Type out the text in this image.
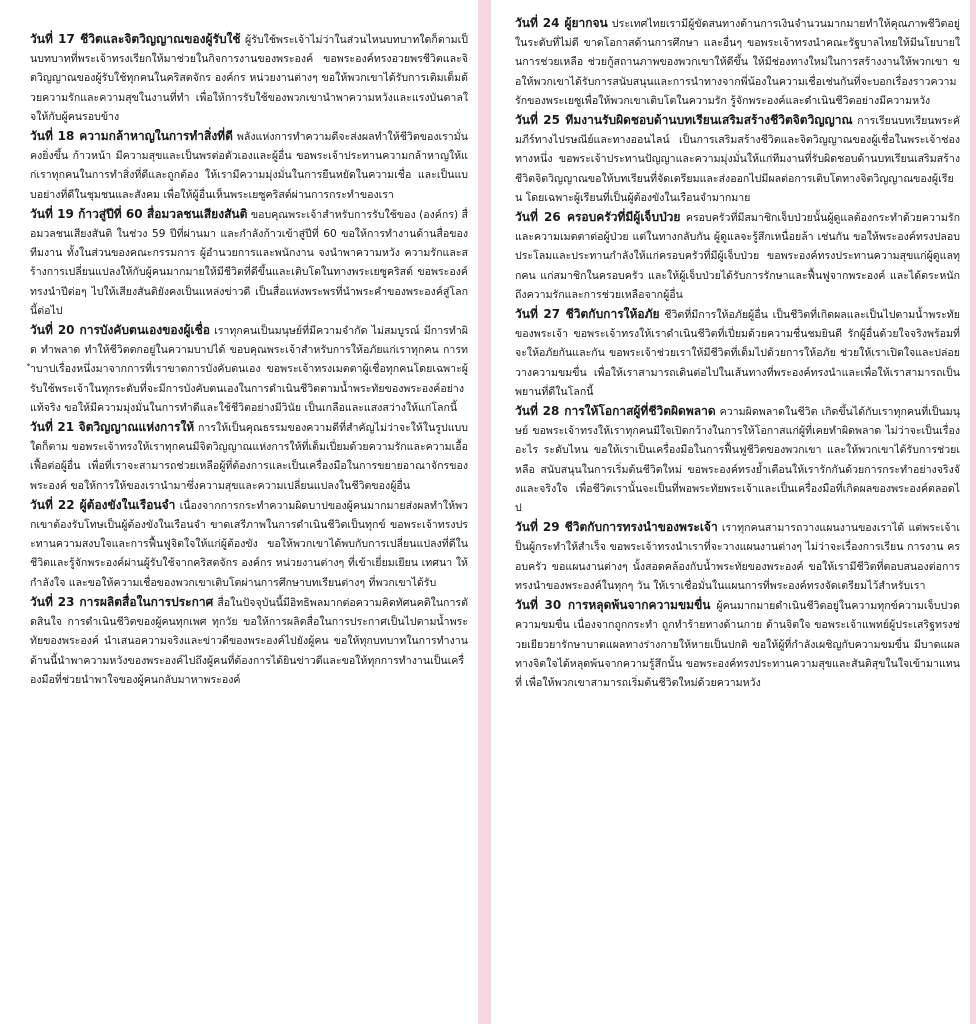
วันที่ 17 ชีวิตและจิตวิญญาณของผู้รับใช้ ผู้รับใช้พระเจ้าไม่ว่าในส่วนไหนบทบาทใดก็ตามเป็นบทบาทที่พระเจ้าทรงเรียกให้มาช่วยในกิจการงานของพระองค์ ขอพระองค์ทรงอวยพรชีวิตและจิตวิญญาณของผู้รับใช้ทุกคนในคริสตจักร องค์กร หน่วยงานต่างๆ ขอให้พวกเขาได้รับการเติมเต็มด้วยความรักและความสุขในงานที่ทำ เพื่อให้การรับใช้ของพวกเขานำพาความหวังและแรงบันดาลใจให้กับผู้คนรอบข้าง

วันที่ 18 ความกล้าหาญในการทำสิ่งที่ดี พลังแห่งการทำความดีจะส่งผลทำให้ชีวิตของเรามั่นคงยิ่งขึ้น ก้าวหน้า มีความสุขและเป็นพรต่อตัวเองและผู้อื่น ขอพระเจ้าประทานความกล้าหาญให้แก่เราทุกคนในการทำสิ่งที่ดีและถูกต้อง ให้เรามีความมุ่งมั่นในการยืนหยัดในความเชื่อ และเป็นแบบอย่างที่ดีในชุมชนและสังคม เพื่อให้ผู้อื่นเห็นพระเยซูคริสต์ผ่านการกระทำของเรา

วันที่ 19 ก้าวสู่ปีที่ 60 สื่อมวลชนเสียงสันติ ขอบคุณพระเจ้าสำหรับการรับใช้ของ (องค์กร) สื่อมวลชนเสียงสันติ ในช่วง 59 ปีที่ผ่านมา และกำลังก้าวเข้าสู่ปีที่ 60 ขอให้การทำงานด้านสื่อของทีมงาน ทั้งในส่วนของคณะกรรมการ ผู้อำนวยการและพนักงาน จงนำพาความหวัง ความรักและสร้างการเปลี่ยนแปลงให้กับผู้คนมากมายให้มีชีวิตที่ดีขึ้นและเติบโตในทางพระเยซูคริสต์ ขอพระองค์ทรงนำปีต่อๆ ไปให้เสียงสันติยังคงเป็นแหล่งข่าวดี เป็นสื่อแห่งพระพรที่นำพระคำของพระองค์สู่โลกนี้ต่อไป

วันที่ 20 การบังคับตนเองของผู้เชื่อ เราทุกคนเป็นมนุษย์ที่มีความจำกัด ไม่สมบูรณ์ มีการทำผิด ทำพลาด ทำให้ชีวิตตกอยู่ในความบาปได้ ขอบคุณพระเจ้าสำหรับการให้อภัยแก่เราทุกคน การทำบาปเรื่องหนึ่งมาจากการที่เราขาดการบังคับตนเอง ขอพระเจ้าทรงเมตตาผู้เชื่อทุกคนโดยเฉพาะผู้รับใช้พระเจ้าในทุกระดับที่จะมีการบังคับตนเองในการดำเนินชีวิตตามน้ำพระทัยของพระองค์อย่างแท้จริง ขอให้มีความมุ่งมั่นในการทำดีและใช้ชีวิตอย่างมีวินัย เป็นเกลือและแสงสว่างให้แก่โลกนี้

วันที่ 21 จิตวิญญาณแห่งการให้ การให้เป็นคุณธรรมของความดีที่สำคัญไม่ว่าจะให้ในรูปแบบใดก็ตาม ขอพระเจ้าทรงให้เราทุกคนมีจิตวิญญาณแห่งการให้ที่เต็มเปี่ยมด้วยความรักและความเอื้อเฟื้อต่อผู้อื่น เพื่อที่เราจะสามารถช่วยเหลือผู้ที่ต้องการและเป็นเครื่องมือในการขยายอาณาจักรของพระองค์ ขอให้การให้ของเรานำมาซึ่งความสุขและความเปลี่ยนแปลงในชีวิตของผู้อื่น

วันที่ 22 ผู้ต้องขังในเรือนจำ เนื่องจากการกระทำความผิดบาปของผู้คนมากมายส่งผลทำให้พวกเขาต้องรับโทษเป็นผู้ต้องขังในเรือนจำ ขาดเสรีภาพในการดำเนินชีวิตเป็นทุกข์ ขอพระเจ้าทรงประทานความสงบใจและการฟื้นฟูจิตใจให้แก่ผู้ต้องขัง ขอให้พวกเขาได้พบกับการเปลี่ยนแปลงที่ดีในชีวิตและรู้จักพระองค์ผ่านผู้รับใช้จากคริสตจักร องค์กร หน่วยงานต่างๆ ที่เข้าเยี่ยมเยียน เทศนา ให้กำลังใจ และขอให้ความเชื่อของพวกเขาเติบโตผ่านการศึกษาบทเรียนต่างๆ ที่พวกเขาได้รับ

วันที่ 23 การผลิตสื่อในการประกาศ สื่อในปัจจุบันนี้มีอิทธิพลมากต่อความคิดทัศนคติในการตัดสินใจ การดำเนินชีวิตของผู้คนทุกเพศ ทุกวัย ขอให้การผลิตสื่อในการประกาศเป็นไปตามน้ำพระทัยของพระองค์ นำเสนอความจริงและข่าวดีของพระองค์ไปยังผู้คน ขอให้ทุกบทบาทในการทำงานด้านนี้นำพาความหวังของพระองค์ไปถึงผู้คนที่ต้องการได้ยินข่าวดีและขอให้ทุกการทำงานเป็นเครื่องมือที่ช่วยนำพาใจของผู้คนกลับมาหาพระองค์

วันที่ 24 ผู้ยากจน ประเทศไทยเรามีผู้ขัดสนทางด้านการเงินจำนวนมากมายทำให้คุณภาพชีวิตอยู่ในระดับที่ไม่ดี ขาดโอกาสด้านการศึกษา และอื่นๆ ขอพระเจ้าทรงนำคณะรัฐบาลไทยให้มีนโยบายในการช่วยเหลือ ช่วยกู้สถานภาพของพวกเขาให้ดีขึ้น ให้มีช่องทางใหม่ในการสร้างงานให้พวกเขา ขอให้พวกเขาได้รับการสนับสนุนและการนำทางจากพี่น้องในความเชื่อเช่นกันที่จะบอกเรื่องราวความรักของพระเยซูเพื่อให้พวกเขาเติบโตในความรัก รู้จักพระองค์และดำเนินชีวิตอย่างมีความหวัง

วันที่ 25 ทีมงานรับผิดชอบด้านบทเรียนเสริมสร้างชีวิตจิตวิญญาณ การเรียนบทเรียนพระคัมภีร์ทางไปรษณีย์และทางออนไลน์ เป็นการเสริมสร้างชีวิตและจิตวิญญาณของผู้เชื่อในพระเจ้าช่องทางหนึ่ง ขอพระเจ้าประทานปัญญาและความมุ่งมั่นให้แก่ทีมงานที่รับผิดชอบด้านบทเรียนเสริมสร้างชีวิตจิตวิญญาณขอให้บทเรียนที่จัดเตรียมและส่งออกไปมีผลต่อการเติบโตทางจิตวิญญาณของผู้เรียน โดยเฉพาะผู้เรียนที่เป็นผู้ต้องขังในเรือนจำมากมาย

วันที่ 26 ครอบครัวที่มีผู้เจ็บป่วย ครอบครัวที่มีสมาชิกเจ็บป่วยนั้นผู้ดูแลต้องกระทำด้วยความรักและความเมตตาต่อผู้ป่วย แต่ในทางกลับกัน ผู้ดูแลจะรู้สึกเหนื่อยล้า เช่นกัน ขอให้พระองค์ทรงปลอบประโลมและประทานกำลังให้แก่ครอบครัวที่มีผู้เจ็บป่วย ขอพระองค์ทรงประทานความสุขแก่ผู้ดูแลทุกคน แก่สมาชิกในครอบครัว และให้ผู้เจ็บป่วยได้รับการรักษาและฟื้นฟูจากพระองค์ และได้ตระหนักถึงความรักและการช่วยเหลือจากผู้อื่น

วันที่ 27 ชีวิตกับการให้อภัย ชีวิตที่มีการให้อภัยผู้อื่น เป็นชีวิตที่เกิดผลและเป็นไปตามน้ำพระทัยของพระเจ้า ขอพระเจ้าทรงให้เราดำเนินชีวิตที่เปี่ยมด้วยความชื่นชมยินดี รักผู้อื่นด้วยใจจริงพร้อมที่จะให้อภัยกันและกัน ขอพระเจ้าช่วยเราให้มีชีวิตที่เต็มไปด้วยการให้อภัย ช่วยให้เราเปิดใจและปล่อยวางความขมขื่น เพื่อให้เราสามารถเดินต่อไปในเส้นทางที่พระองค์ทรงนำและเพื่อให้เราสามารถเป็นพยานที่ดีในโลกนี้

วันที่ 28 การให้โอกาสผู้ที่ชีวิตผิดพลาด ความผิดพลาดในชีวิต เกิดขึ้นได้กับเราทุกคนที่เป็นมนุษย์ ขอพระเจ้าทรงให้เราทุกคนมีใจเปิดกว้างในการให้โอกาสแก่ผู้ที่เคยทำผิดพลาด ไม่ว่าจะเป็นเรื่องอะไร ระดับไหน ขอให้เราเป็นเครื่องมือในการฟื้นฟูชีวิตของพวกเขา และให้พวกเขาได้รับการช่วยเหลือ สนับสนุนในการเริ่มต้นชีวิตใหม่ ขอพระองค์ทรงย้ำเตือนให้เรารักกันด้วยการกระทำอย่างจริงจังและจริงใจ เพื่อชีวิตเรานั้นจะเป็นที่พอพระทัยพระเจ้าและเป็นเครื่องมือที่เกิดผลของพระองค์ตลอดไป

วันที่ 29 ชีวิตกับการทรงนำของพระเจ้า เราทุกคนสามารถวางแผนงานของเราได้ แต่พระเจ้าเป็นผู้กระทำให้สำเร็จ ขอพระเจ้าทรงนำเราที่จะวางแผนงานต่างๆ ไม่ว่าจะเรื่องการเรียน การงาน ครอบครัว ขอแผนงานต่างๆ นั้งสอดคล้องกับน้ำพระทัยของพระองค์ ขอให้เรามีชีวิตที่ตอบสนองต่อการทรงนำของพระองค์ในทุกๆ วัน ให้เราเชื่อมั่นในแผนการที่พระองค์ทรงจัดเตรียมไว้สำหรับเรา

วันที่ 30 การหลุดพ้นจากความขมขื่น ผู้คนมากมายดำเนินชีวิตอยู่ในความทุกข์ความเจ็บปวด ความขมขื่น เนื่องจากถูกกระทำ ถูกทำร้ายทางด้านกาย ด้านจิตใจ ขอพระเจ้าแพทย์ผู้ประเสริฐทรงช่วยเยียวยารักษาบาดแผลทางร่างกายให้หายเป็นปกติ ขอให้ผู้ที่กำลังเผชิญกับความขมขื่น มีบาดแผลทางจิตใจได้หลุดพ้นจากความรู้สึกนั้น ขอพระองค์ทรงประทานความสุขและสันติสุขในใจเข้ามาแทนที่ เพื่อให้พวกเขาสามารถเริ่มต้นชีวิตใหม่ด้วยความหวัง
